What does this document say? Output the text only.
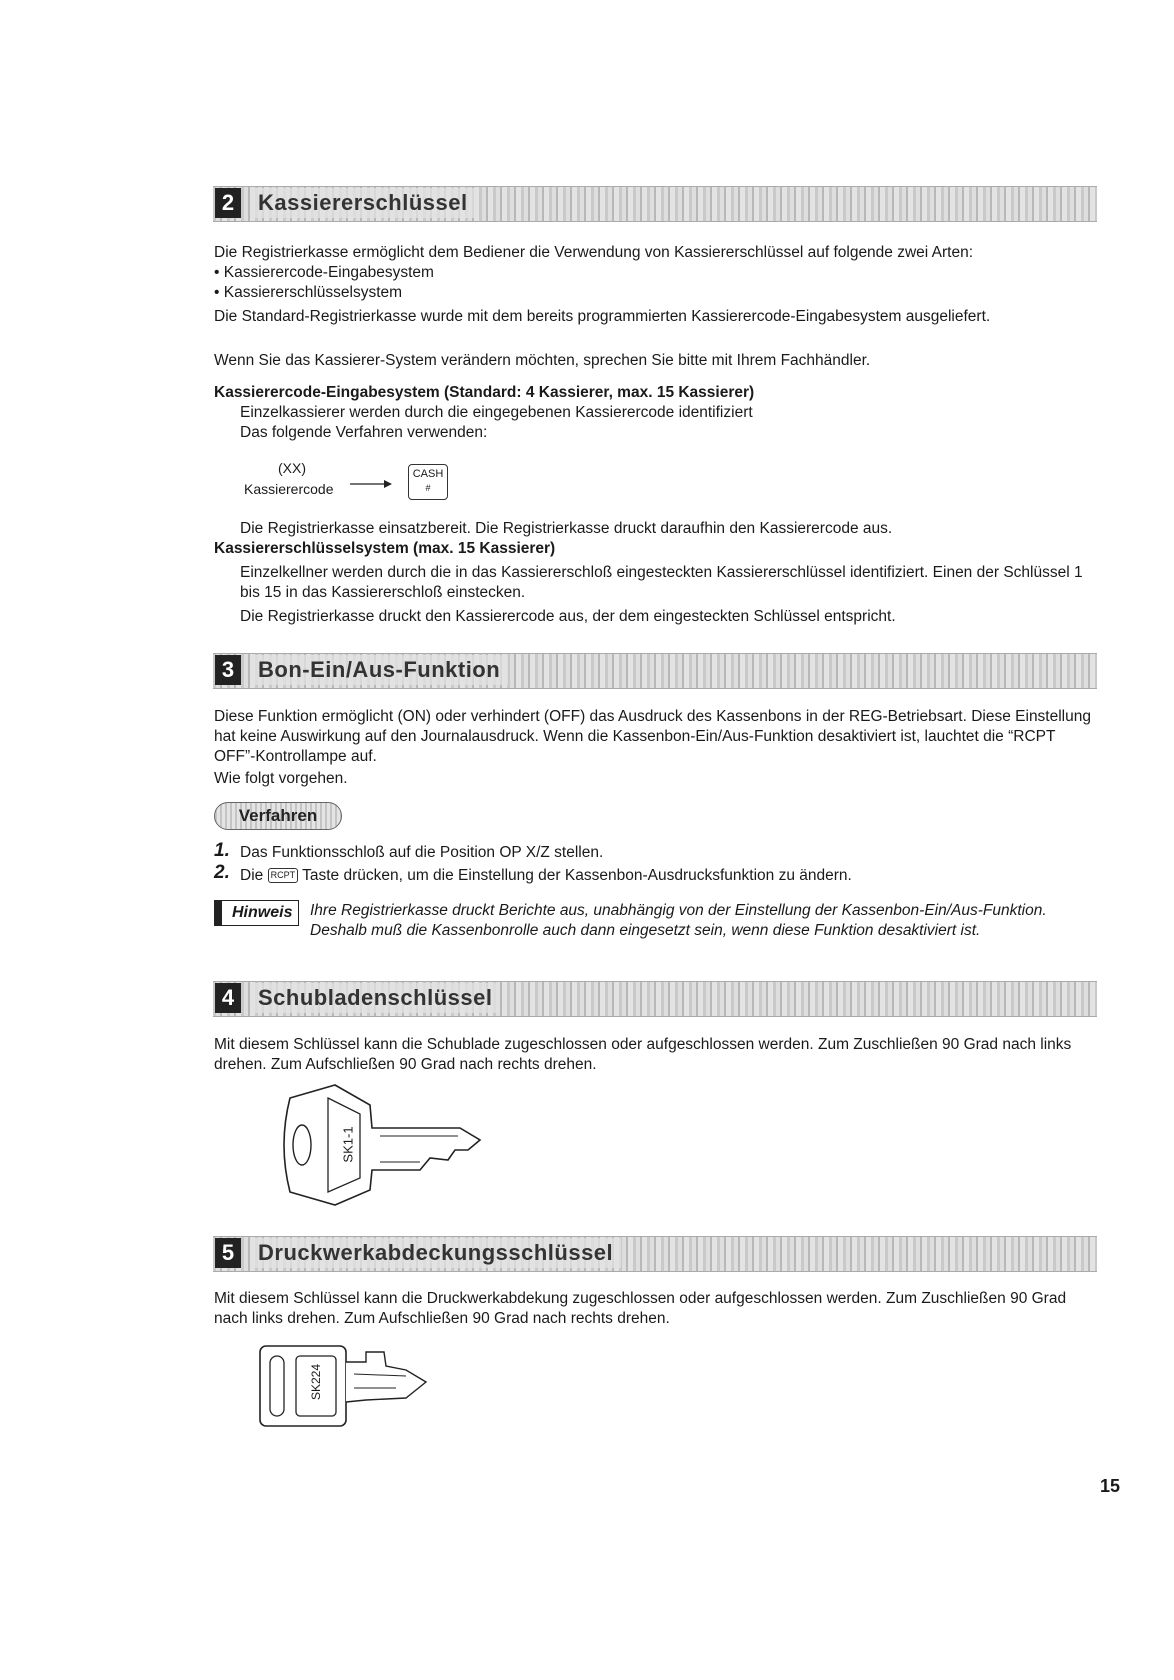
2	Kassiererschlüssel
Die Registrierkasse ermöglicht dem Bediener die Verwendung von Kassiererschlüssel auf folgende zwei Arten:
• Kassierercode-Eingabesystem
• Kassiererschlüsselsystem
Die Standard-Registrierkasse wurde mit dem bereits programmierten Kassierercode-Eingabesystem ausgeliefert.
Wenn Sie das Kassierer-System verändern möchten, sprechen Sie bitte mit Ihrem Fachhändler.
Kassierercode-Eingabesystem (Standard: 4 Kassierer, max. 15 Kassierer)
Einzelkassierer werden durch die eingegebenen Kassierercode identifiziert
Das folgende Verfahren verwenden:
(XX)
Kassierercode
CASH
#
Die Registrierkasse einsatzbereit. Die Registrierkasse druckt daraufhin den Kassierercode aus.
Kassiererschlüsselsystem (max. 15 Kassierer)
Einzelkellner werden durch die in das Kassiererschloß eingesteckten Kassiererschlüssel identifiziert. Einen der Schlüssel 1 bis 15 in das Kassiererschloß einstecken.
Die Registrierkasse druckt den Kassierercode aus, der dem eingesteckten Schlüssel entspricht.
3	Bon-Ein/Aus-Funktion
Diese Funktion ermöglicht (ON) oder verhindert (OFF) das Ausdruck des Kassenbons in der REG-Betriebsart. Diese Einstellung hat keine Auswirkung auf den Journalausdruck. Wenn die Kassenbon-Ein/Aus-Funktion desaktiviert ist, lauchtet die “RCPT OFF”-Kontrollampe auf.
Wie folgt vorgehen.
Verfahren
1. Das Funktionsschloß auf die Position OP X/Z stellen.
2. Die RCPT Taste drücken, um die Einstellung der Kassenbon-Ausdrucksfunktion zu ändern.
Hinweis	Ihre Registrierkasse druckt Berichte aus, unabhängig von der Einstellung der Kassenbon-Ein/Aus-Funktion. Deshalb muß die Kassenbonrolle auch dann eingesetzt sein, wenn diese Funktion desaktiviert ist.
4	Schubladenschlüssel
Mit diesem Schlüssel kann die Schublade zugeschlossen oder aufgeschlossen werden. Zum Zuschließen 90 Grad nach links drehen. Zum Aufschließen 90 Grad nach rechts drehen.
SK1-1
5	Druckwerkabdeckungsschlüssel
Mit diesem Schlüssel kann die Druckwerkabdekung zugeschlossen oder aufgeschlossen werden. Zum Zuschließen 90 Grad nach links drehen. Zum Aufschließen 90 Grad nach rechts drehen.
SK224
15
